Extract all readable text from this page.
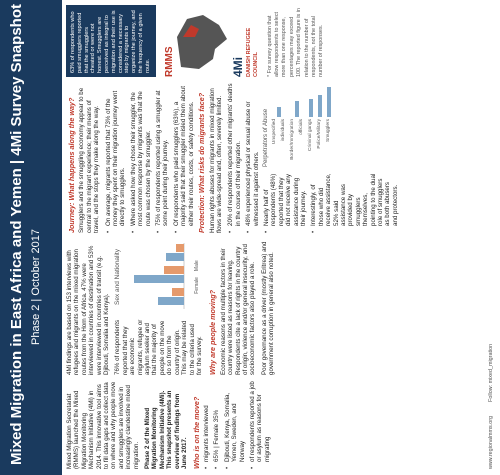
Mixed Migration in East Africa and Yemen | 4Mi Survey Snapshot Phase 2 | October 2017

Mixed Migration Secretariat (RMMS) launched the Mixed Migration Monitoring Mechanism Initiative (4Mi) in 2014. This innovative tool aims to fill data gaps and collect data on where and why people move and smugglers are involved in increasingly clandestine mixed migration. Phase 2 of the Mixed Migration Monitoring Mechanism Initiative (4Mi). This snapshot presents an overview of findings from June 2017. Who is on the move? • migrants interviewed • 65% | Female 35% • Djibouti, Kenya, Somalia, Yemen, Sweden, and Norway • of respondents reported a job or asylum as reasons for migrating

4Mi findings are based on 153 interviews with refugees and migrants on the mixed migration routes from the Horn of Africa. 47% were interviewed in countries of destination and 53% were interviewed in countries of transit (e.g. Djibouti, Somalia and Kenya). 76% of respondents reported that they are economic migrants, refugee or asylum seeker and that the majority of people on the move do so from the country of origin. This may be related to the criteria used for the survey.

Sex and Nationality	Female
Male
Why are people moving? Economic reasons and multiple factors in their country were listed as reasons for leaving. Respondents cite a lack of rights in the country of origin, violence and/or general insecurity, and socioeconomic factors also played a role. Poor governance as a driver (mostly Eritrea) and government corruption in general also noted.

Journey: What happens along the way? Smugglers and the smuggling economy appear to be central to the migrant experience; their means of travel, and the stops they make along the way. • On average, migrants reported that 73% of the money they spent on their migration journey went directly to smugglers. • Where asked how they chose their smuggler, the most common response by migrants was that the route was chosen by the smuggler. • 75% of respondents reported using a smuggler at some point during their journey. • Of respondents who paid smugglers (63%), a majority said that their smuggler misled them about either their routes, costs, or safety conditions. Protection: What risks do migrants face? Human rights abuses for migrants in mixed migration flows are wide-spread and, often, severely limited. • 20% of respondents reported other migrants' deaths in the course of their migration. • 48% experienced physical or sexual abuse or witnessed it against others. • Nearly half of respondents (48%) reported that they did not receive any assistance during their journey. • Interestingly, of those who did receive assistance, 52% said assistance was provided by smugglers themselves, pointing to the dual role of smugglers as both abusers and protectors.
Perpetrators of Abuse Unspecified individuals Border/Immigration officials Criminal gangs Police/Military Smugglers
63% of respondents who paid smugglers reported that the smugglers cheated or were not honest. Smugglers are perceived as integral to migration and their use is considered a necessary step by migrants to organize the journey, and the frequency of a given route.	RMMS	4Mi DANISH REFUGEE COUNCIL * For survey question that allow respondents to select more than one response, percentages may exceed 100. The reported figure is in relation to the number of respondents, not the total number of responses.
www.regionalmms.org
Follow: mixed_migration
